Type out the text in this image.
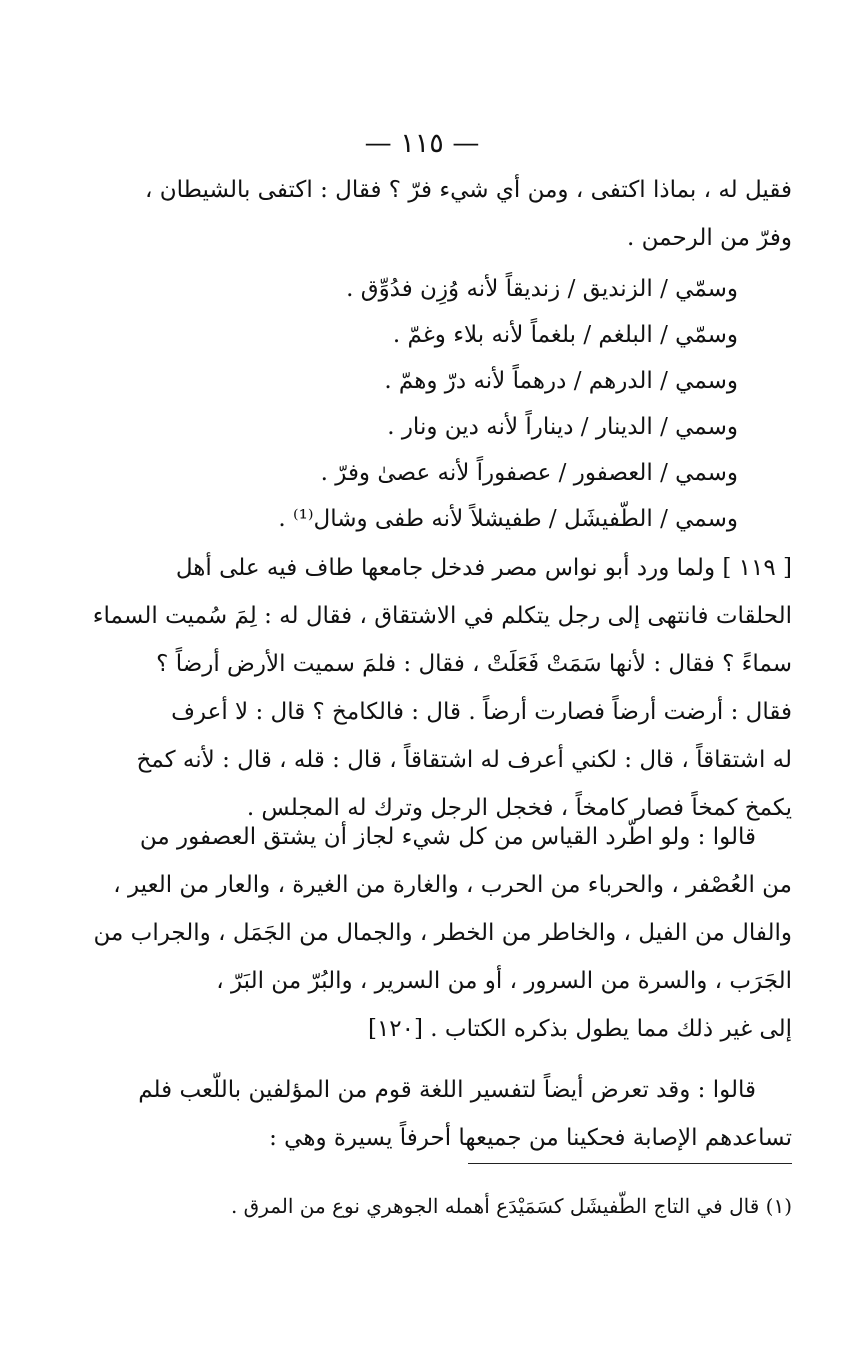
— ١١٥ —
فقيل له ، بماذا اكتفى ، ومن أي شيء فرّ ؟ فقال : اكتفى بالشيطان ،
وفرّ من الرحمن .
وسمّي / الزنديق / زنديقاً لأنه وُزِن فدُوِّق .
وسمّي / البلغم / بلغماً لأنه بلاء وغمّ .
وسمي / الدرهم / درهماً لأنه درّ وهمّ .
وسمي / الدينار / ديناراً لأنه دين ونار .
وسمي / العصفور / عصفوراً لأنه عصىٰ وفرّ .
وسمي / الطّفيشَل / طفيشلاً لأنه طفى وشال⁽¹⁾ .
[ ١١٩ ] ولما ورد أبو نواس مصر فدخل جامعها طاف فيه على أهل
الحلقات فانتهى إلى رجل يتكلم في الاشتقاق ، فقال له : لِمَ سُميت السماء
سماءً ؟ فقال : لأنها سَمَتْ فَعَلَتْ ، فقال : فلمَ سميت الأرض أرضاً ؟
فقال : أرضت أرضاً فصارت أرضاً . قال : فالكامخ ؟ قال : لا أعرف
له اشتقاقاً ، قال : لكني أعرف له اشتقاقاً ، قال : قله ، قال : لأنه كمخ
يكمخ كمخاً فصار كامخاً ، فخجل الرجل وترك له المجلس .
قالوا : ولو اطّرد القياس من كل شيء لجاز أن يشتق العصفور من
من العُصْفر ، والحرباء من الحرب ، والغارة من الغيرة ، والعار من العير ،
والفال من الفيل ، والخاطر من الخطر ، والجمال من الجَمَل ، والجراب من
الجَرَب ، والسرة من السرور ، أو من السرير ، والبُرّ من البَرّ ،
إلى غير ذلك مما يطول بذكره الكتاب . [١٢٠]
قالوا : وقد تعرض أيضاً لتفسير اللغة قوم من المؤلفين باللّعب فلم
تساعدهم الإصابة فحكينا من جميعها أحرفاً يسيرة وهي :
(١) قال في التاج الطّفيشَل كسَمَيْدَع أهمله الجوهري نوع من المرق .
